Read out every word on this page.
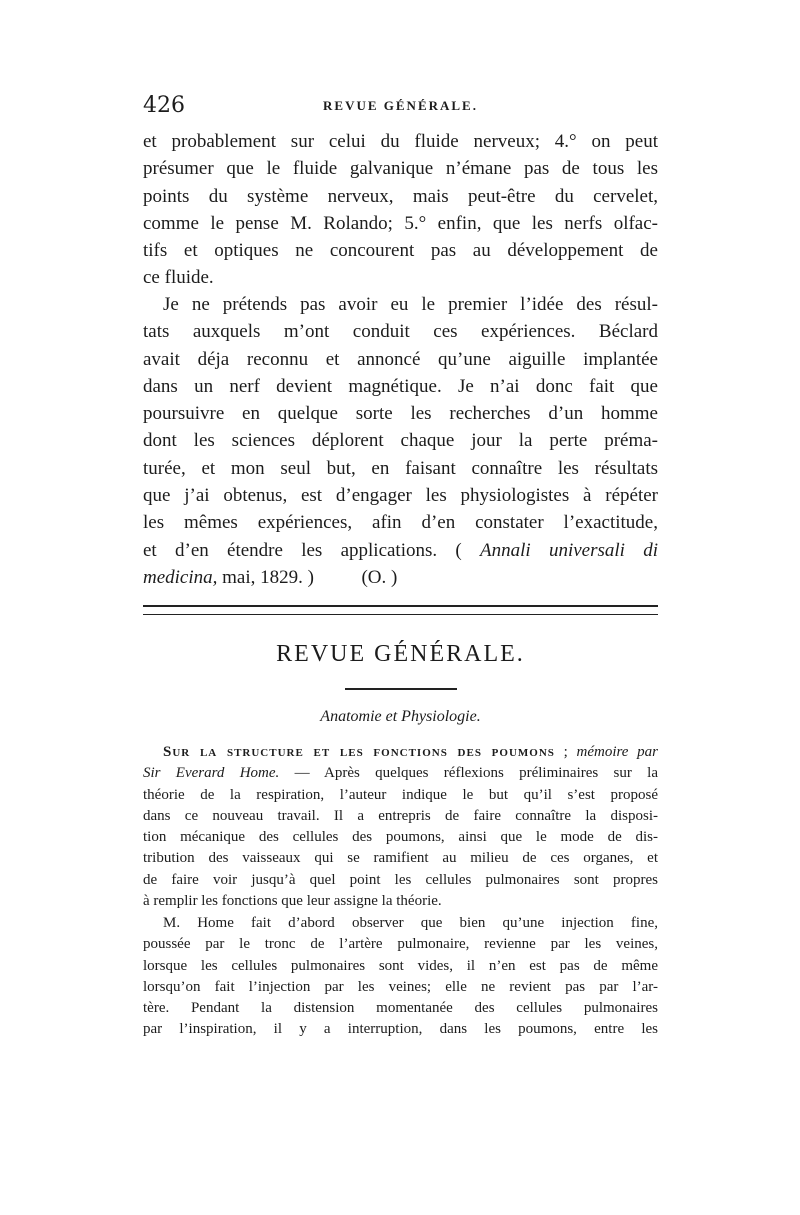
426	REVUE GÉNÉRALE.
et probablement sur celui du fluide nerveux; 4.° on peut
présumer que le fluide galvanique n’émane pas de tous les
points du système nerveux, mais peut-être du cervelet,
comme le pense M. Rolando; 5.° enfin, que les nerfs olfac-
tifs et optiques ne concourent pas au développement de
ce fluide.
Je ne prétends pas avoir eu le premier l’idée des résul-
tats auxquels m’ont conduit ces expériences. Béclard
avait déja reconnu et annoncé qu’une aiguille implantée
dans un nerf devient magnétique. Je n’ai donc fait que
poursuivre en quelque sorte les recherches d’un homme
dont les sciences déplorent chaque jour la perte préma-
turée, et mon seul but, en faisant connaître les résultats
que j’ai obtenus, est d’engager les physiologistes à répéter
les mêmes expériences, afin d’en constater l’exactitude,
et d’en étendre les applications. ( Annali universali di
medicina, mai, 1829. )          (O. )
REVUE GÉNÉRALE.
Anatomie et Physiologie.
Sur la structure et les fonctions des poumons ; mémoire par
Sir Everard Home. — Après quelques réflexions préliminaires sur la
théorie de la respiration, l’auteur indique le but qu’il s’est proposé
dans ce nouveau travail. Il a entrepris de faire connaître la disposi-
tion mécanique des cellules des poumons, ainsi que le mode de dis-
tribution des vaisseaux qui se ramifient au milieu de ces organes, et
de faire voir jusqu’à quel point les cellules pulmonaires sont propres
à remplir les fonctions que leur assigne la théorie.
M. Home fait d’abord observer que bien qu’une injection fine,
poussée par le tronc de l’artère pulmonaire, revienne par les veines,
lorsque les cellules pulmonaires sont vides, il n’en est pas de même
lorsqu’on fait l’injection par les veines; elle ne revient pas par l’ar-
tère. Pendant la distension momentanée des cellules pulmonaires
par l’inspiration, il y a interruption, dans les poumons, entre les
